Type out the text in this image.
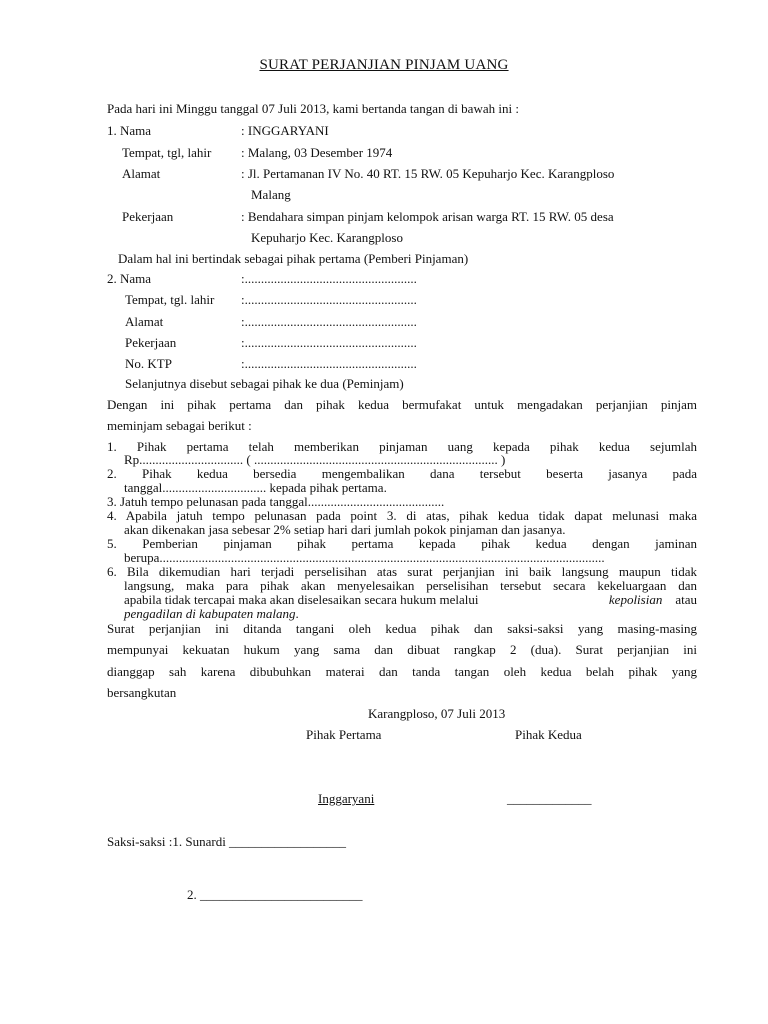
SURAT PERJANJIAN PINJAM UANG
Pada hari ini Minggu tanggal 07 Juli 2013, kami bertanda tangan di bawah ini :
1. Nama	: INGGARYANI
Tempat, tgl, lahir : Malang, 03 Desember 1974
Alamat	: Jl. Pertamanan IV No. 40 RT. 15 RW. 05 Kepuharjo Kec. Karangploso
Malang
Pekerjaan	: Bendahara simpan pinjam kelompok arisan warga RT. 15 RW. 05 desa
Kepuharjo Kec. Karangploso
Dalam hal ini bertindak sebagai pihak pertama (Pemberi Pinjaman)
2. Nama	:.....................................................
Tempat, tgl. lahir :.....................................................
Alamat	:.....................................................
Pekerjaan	:.....................................................
No. KTP	:.....................................................
Selanjutnya disebut sebagai pihak ke dua (Peminjam)
Dengan ini pihak pertama dan pihak kedua bermufakat untuk mengadakan perjanjian pinjam
meminjam sebagai berikut :
1. Pihak pertama telah memberikan pinjaman uang kepada pihak kedua sejumlah
Rp................................ ( ........................................................................... )
2. Pihak kedua bersedia mengembalikan dana tersebut beserta jasanya pada
tanggal................................ kepada pihak pertama.
3. Jatuh tempo pelunasan pada tanggal..........................................
4. Apabila jatuh tempo pelunasan pada point 3. di atas, pihak kedua tidak dapat melunasi maka
akan dikenakan jasa sebesar 2% setiap hari dari jumlah pokok pinjaman dan jasanya.
5. Pemberian pinjaman pihak pertama kepada pihak kedua dengan jaminan
berupa.........................................................................................................................................
6. Bila dikemudian hari terjadi perselisihan atas surat perjanjian ini baik langsung maupun tidak
langsung, maka para pihak akan menyelesaikan perselisihan tersebut secara kekeluargaan dan
apabila tidak tercapai maka akan diselesaikan secara hukum melalui	kepolisian atau
pengadilan di kabupaten malang.
Surat perjanjian ini ditanda tangani oleh kedua pihak dan saksi-saksi yang masing-masing
mempunyai kekuatan hukum yang sama dan dibuat rangkap 2 (dua). Surat perjanjian ini
dianggap sah karena dibubuhkan materai dan tanda tangan oleh kedua belah pihak yang
bersangkutan
Karangploso, 07 Juli 2013
Pihak Pertama	Pihak Kedua
Inggaryani	_____________
Saksi-saksi :1. Sunardi __________________
2. _________________________
